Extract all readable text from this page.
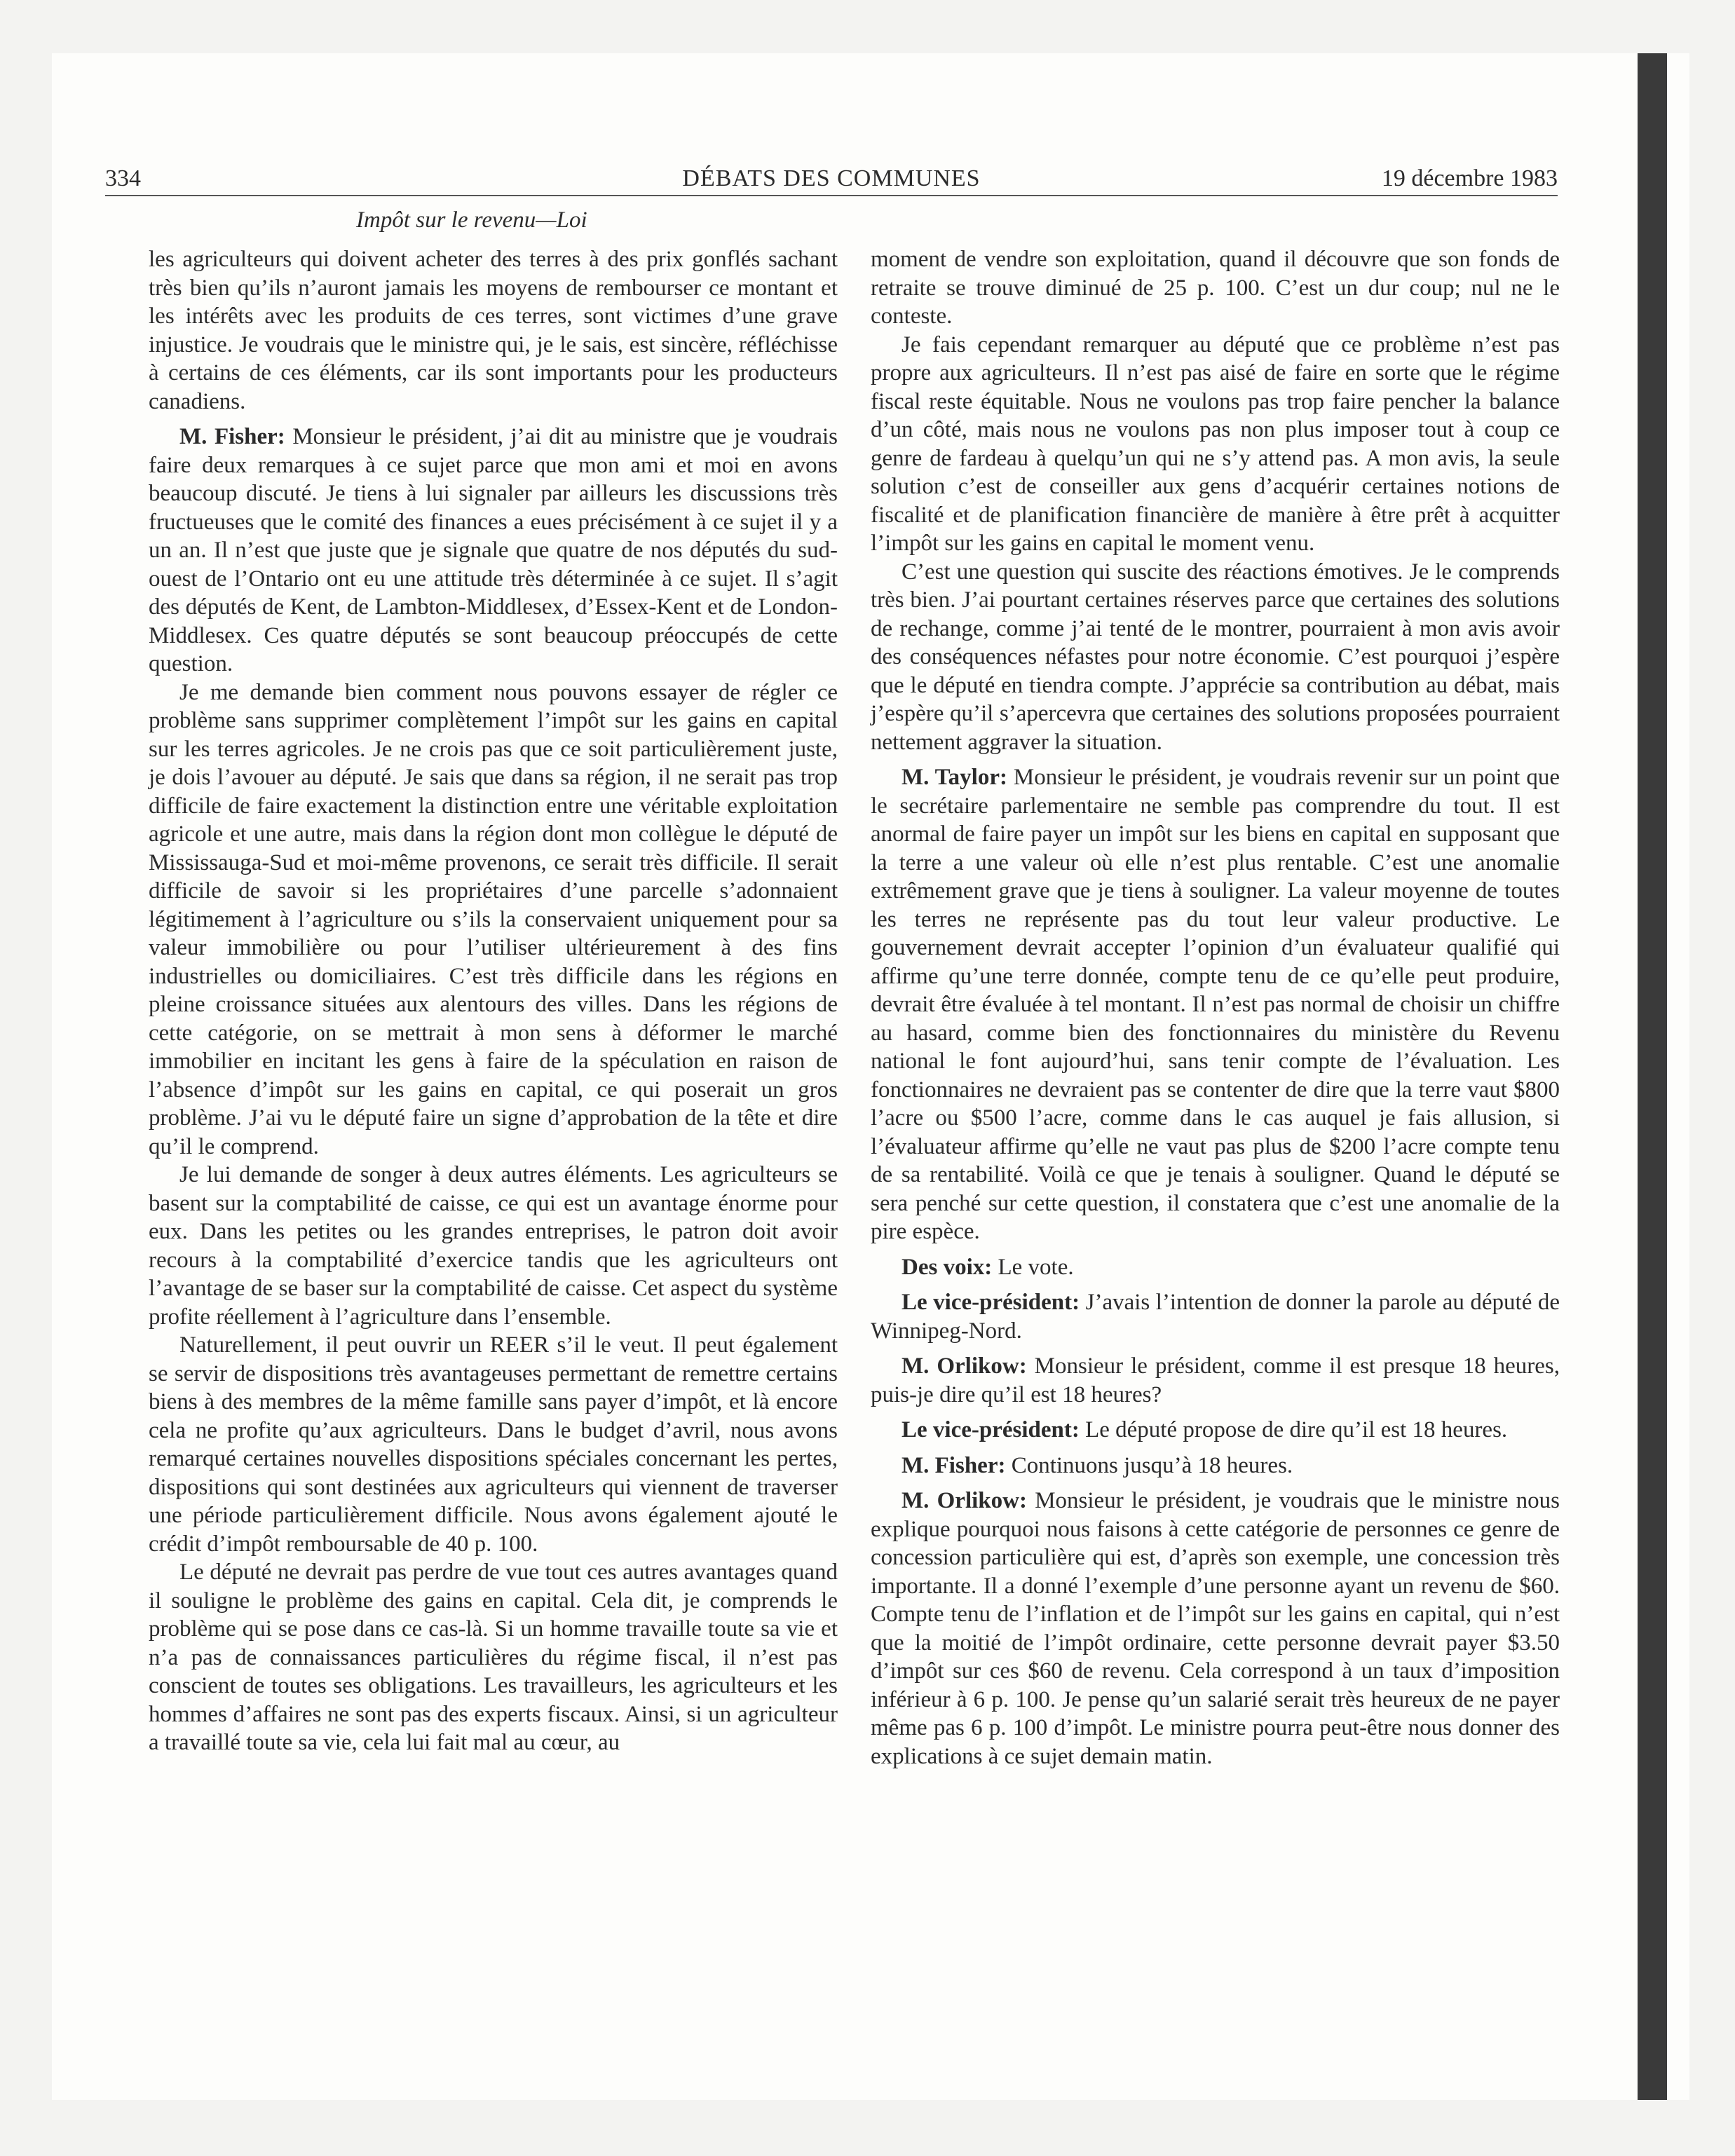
334	DÉBATS DES COMMUNES	19 décembre 1983
Impôt sur le revenu—Loi

les agriculteurs qui doivent acheter des terres à des prix gonflés sachant très bien qu’ils n’auront jamais les moyens de rembourser ce montant et les intérêts avec les produits de ces terres, sont victimes d’une grave injustice. Je voudrais que le ministre qui, je le sais, est sincère, réfléchisse à certains de ces éléments, car ils sont importants pour les producteurs canadiens.

M. Fisher: Monsieur le président, j’ai dit au ministre que je voudrais faire deux remarques à ce sujet parce que mon ami et moi en avons beaucoup discuté. Je tiens à lui signaler par ailleurs les discussions très fructueuses que le comité des finances a eues précisément à ce sujet il y a un an. Il n’est que juste que je signale que quatre de nos députés du sud-ouest de l’Ontario ont eu une attitude très déterminée à ce sujet. Il s’agit des députés de Kent, de Lambton-Middlesex, d’Essex-Kent et de London-Middlesex. Ces quatre députés se sont beaucoup préoccupés de cette question.

Je me demande bien comment nous pouvons essayer de régler ce problème sans supprimer complètement l’impôt sur les gains en capital sur les terres agricoles. Je ne crois pas que ce soit particulièrement juste, je dois l’avouer au député. Je sais que dans sa région, il ne serait pas trop difficile de faire exactement la distinction entre une véritable exploitation agricole et une autre, mais dans la région dont mon collègue le député de Mississauga-Sud et moi-même provenons, ce serait très difficile. Il serait difficile de savoir si les propriétaires d’une parcelle s’adonnaient légitimement à l’agriculture ou s’ils la conservaient uniquement pour sa valeur immobilière ou pour l’utiliser ultérieurement à des fins industrielles ou domiciliaires. C’est très difficile dans les régions en pleine croissance situées aux alentours des villes. Dans les régions de cette catégorie, on se mettrait à mon sens à déformer le marché immobilier en incitant les gens à faire de la spéculation en raison de l’absence d’impôt sur les gains en capital, ce qui poserait un gros problème. J’ai vu le député faire un signe d’approbation de la tête et dire qu’il le comprend.

Je lui demande de songer à deux autres éléments. Les agriculteurs se basent sur la comptabilité de caisse, ce qui est un avantage énorme pour eux. Dans les petites ou les grandes entreprises, le patron doit avoir recours à la comptabilité d’exercice tandis que les agriculteurs ont l’avantage de se baser sur la comptabilité de caisse. Cet aspect du système profite réellement à l’agriculture dans l’ensemble.

Naturellement, il peut ouvrir un REER s’il le veut. Il peut également se servir de dispositions très avantageuses permettant de remettre certains biens à des membres de la même famille sans payer d’impôt, et là encore cela ne profite qu’aux agriculteurs. Dans le budget d’avril, nous avons remarqué certaines nouvelles dispositions spéciales concernant les pertes, dispositions qui sont destinées aux agriculteurs qui viennent de traverser une période particulièrement difficile. Nous avons également ajouté le crédit d’impôt remboursable de 40 p. 100.

Le député ne devrait pas perdre de vue tout ces autres avantages quand il souligne le problème des gains en capital. Cela dit, je comprends le problème qui se pose dans ce cas-là. Si un homme travaille toute sa vie et n’a pas de connaissances particulières du régime fiscal, il n’est pas conscient de toutes ses obligations. Les travailleurs, les agriculteurs et les hommes d’affaires ne sont pas des experts fiscaux. Ainsi, si un agriculteur a travaillé toute sa vie, cela lui fait mal au cœur, au

moment de vendre son exploitation, quand il découvre que son fonds de retraite se trouve diminué de 25 p. 100. C’est un dur coup; nul ne le conteste.

Je fais cependant remarquer au député que ce problème n’est pas propre aux agriculteurs. Il n’est pas aisé de faire en sorte que le régime fiscal reste équitable. Nous ne voulons pas trop faire pencher la balance d’un côté, mais nous ne voulons pas non plus imposer tout à coup ce genre de fardeau à quelqu’un qui ne s’y attend pas. A mon avis, la seule solution c’est de conseiller aux gens d’acquérir certaines notions de fiscalité et de planification financière de manière à être prêt à acquitter l’impôt sur les gains en capital le moment venu.

C’est une question qui suscite des réactions émotives. Je le comprends très bien. J’ai pourtant certaines réserves parce que certaines des solutions de rechange, comme j’ai tenté de le montrer, pourraient à mon avis avoir des conséquences néfastes pour notre économie. C’est pourquoi j’espère que le député en tiendra compte. J’apprécie sa contribution au débat, mais j’espère qu’il s’apercevra que certaines des solutions proposées pourraient nettement aggraver la situation.

M. Taylor: Monsieur le président, je voudrais revenir sur un point que le secrétaire parlementaire ne semble pas comprendre du tout. Il est anormal de faire payer un impôt sur les biens en capital en supposant que la terre a une valeur où elle n’est plus rentable. C’est une anomalie extrêmement grave que je tiens à souligner. La valeur moyenne de toutes les terres ne représente pas du tout leur valeur productive. Le gouvernement devrait accepter l’opinion d’un évaluateur qualifié qui affirme qu’une terre donnée, compte tenu de ce qu’elle peut produire, devrait être évaluée à tel montant. Il n’est pas normal de choisir un chiffre au hasard, comme bien des fonctionnaires du ministère du Revenu national le font aujourd’hui, sans tenir compte de l’évaluation. Les fonctionnaires ne devraient pas se contenter de dire que la terre vaut $800 l’acre ou $500 l’acre, comme dans le cas auquel je fais allusion, si l’évaluateur affirme qu’elle ne vaut pas plus de $200 l’acre compte tenu de sa rentabilité. Voilà ce que je tenais à souligner. Quand le député se sera penché sur cette question, il constatera que c’est une anomalie de la pire espèce.

Des voix: Le vote.

Le vice-président: J’avais l’intention de donner la parole au député de Winnipeg-Nord.

M. Orlikow: Monsieur le président, comme il est presque 18 heures, puis-je dire qu’il est 18 heures?

Le vice-président: Le député propose de dire qu’il est 18 heures.

M. Fisher: Continuons jusqu’à 18 heures.

M. Orlikow: Monsieur le président, je voudrais que le ministre nous explique pourquoi nous faisons à cette catégorie de personnes ce genre de concession particulière qui est, d’après son exemple, une concession très importante. Il a donné l’exemple d’une personne ayant un revenu de $60. Compte tenu de l’inflation et de l’impôt sur les gains en capital, qui n’est que la moitié de l’impôt ordinaire, cette personne devrait payer $3.50 d’impôt sur ces $60 de revenu. Cela correspond à un taux d’imposition inférieur à 6 p. 100. Je pense qu’un salarié serait très heureux de ne payer même pas 6 p. 100 d’impôt. Le ministre pourra peut-être nous donner des explications à ce sujet demain matin.
